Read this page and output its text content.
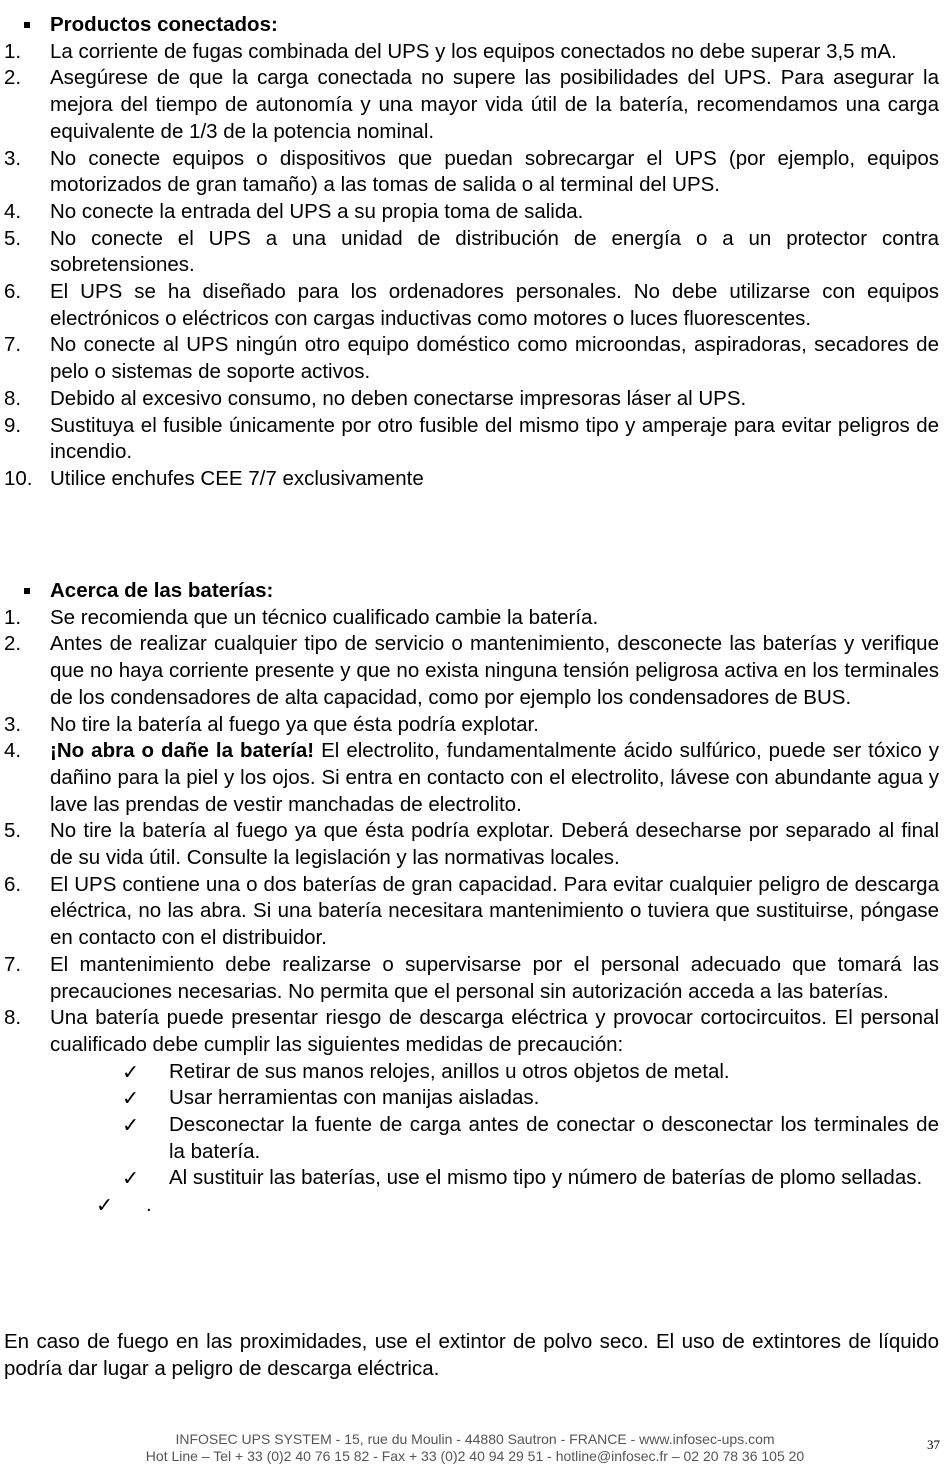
Productos conectados:
1. La corriente de fugas combinada del UPS y los equipos conectados no debe superar 3,5 mA.
2. Asegúrese de que la carga conectada no supere las posibilidades del UPS. Para asegurar la mejora del tiempo de autonomía y una mayor vida útil de la batería, recomendamos una carga equivalente de 1/3 de la potencia nominal.
3. No conecte equipos o dispositivos que puedan sobrecargar el UPS (por ejemplo, equipos motorizados de gran tamaño) a las tomas de salida o al terminal del UPS.
4. No conecte la entrada del UPS a su propia toma de salida.
5. No conecte el UPS a una unidad de distribución de energía o a un protector contra sobretensiones.
6. El UPS se ha diseñado para los ordenadores personales. No debe utilizarse con equipos electrónicos o eléctricos con cargas inductivas como motores o luces fluorescentes.
7. No conecte al UPS ningún otro equipo doméstico como microondas, aspiradoras, secadores de pelo o sistemas de soporte activos.
8. Debido al excesivo consumo, no deben conectarse impresoras láser al UPS.
9. Sustituya el fusible únicamente por otro fusible del mismo tipo y amperaje para evitar peligros de incendio.
10. Utilice enchufes CEE 7/7 exclusivamente
Acerca de las baterías:
1. Se recomienda que un técnico cualificado cambie la batería.
2. Antes de realizar cualquier tipo de servicio o mantenimiento, desconecte las baterías y verifique que no haya corriente presente y que no exista ninguna tensión peligrosa activa en los terminales de los condensadores de alta capacidad, como por ejemplo los condensadores de BUS.
3. No tire la batería al fuego ya que ésta podría explotar.
4. ¡No abra o dañe la batería! El electrolito, fundamentalmente ácido sulfúrico, puede ser tóxico y dañino para la piel y los ojos. Si entra en contacto con el electrolito, lávese con abundante agua y lave las prendas de vestir manchadas de electrolito.
5. No tire la batería al fuego ya que ésta podría explotar. Deberá desecharse por separado al final de su vida útil. Consulte la legislación y las normativas locales.
6. El UPS contiene una o dos baterías de gran capacidad. Para evitar cualquier peligro de descarga eléctrica, no las abra. Si una batería necesitara mantenimiento o tuviera que sustituirse, póngase en contacto con el distribuidor.
7. El mantenimiento debe realizarse o supervisarse por el personal adecuado que tomará las precauciones necesarias. No permita que el personal sin autorización acceda a las baterías.
8. Una batería puede presentar riesgo de descarga eléctrica y provocar cortocircuitos. El personal cualificado debe cumplir las siguientes medidas de precaución:
✓ Retirar de sus manos relojes, anillos u otros objetos de metal.
✓ Usar herramientas con manijas aisladas.
✓ Desconectar la fuente de carga antes de conectar o desconectar los terminales de la batería.
✓ Al sustituir las baterías, use el mismo tipo y número de baterías de plomo selladas.
✓ .
En caso de fuego en las proximidades, use el extintor de polvo seco. El uso de extintores de líquido podría dar lugar a peligro de descarga eléctrica.
INFOSEC UPS SYSTEM - 15, rue du Moulin - 44880 Sautron - FRANCE - www.infosec-ups.com
Hot Line – Tel + 33 (0)2 40 76 15 82 - Fax + 33 (0)2 40 94 29 51 - hotline@infosec.fr – 02 20 78 36 105 20
37
